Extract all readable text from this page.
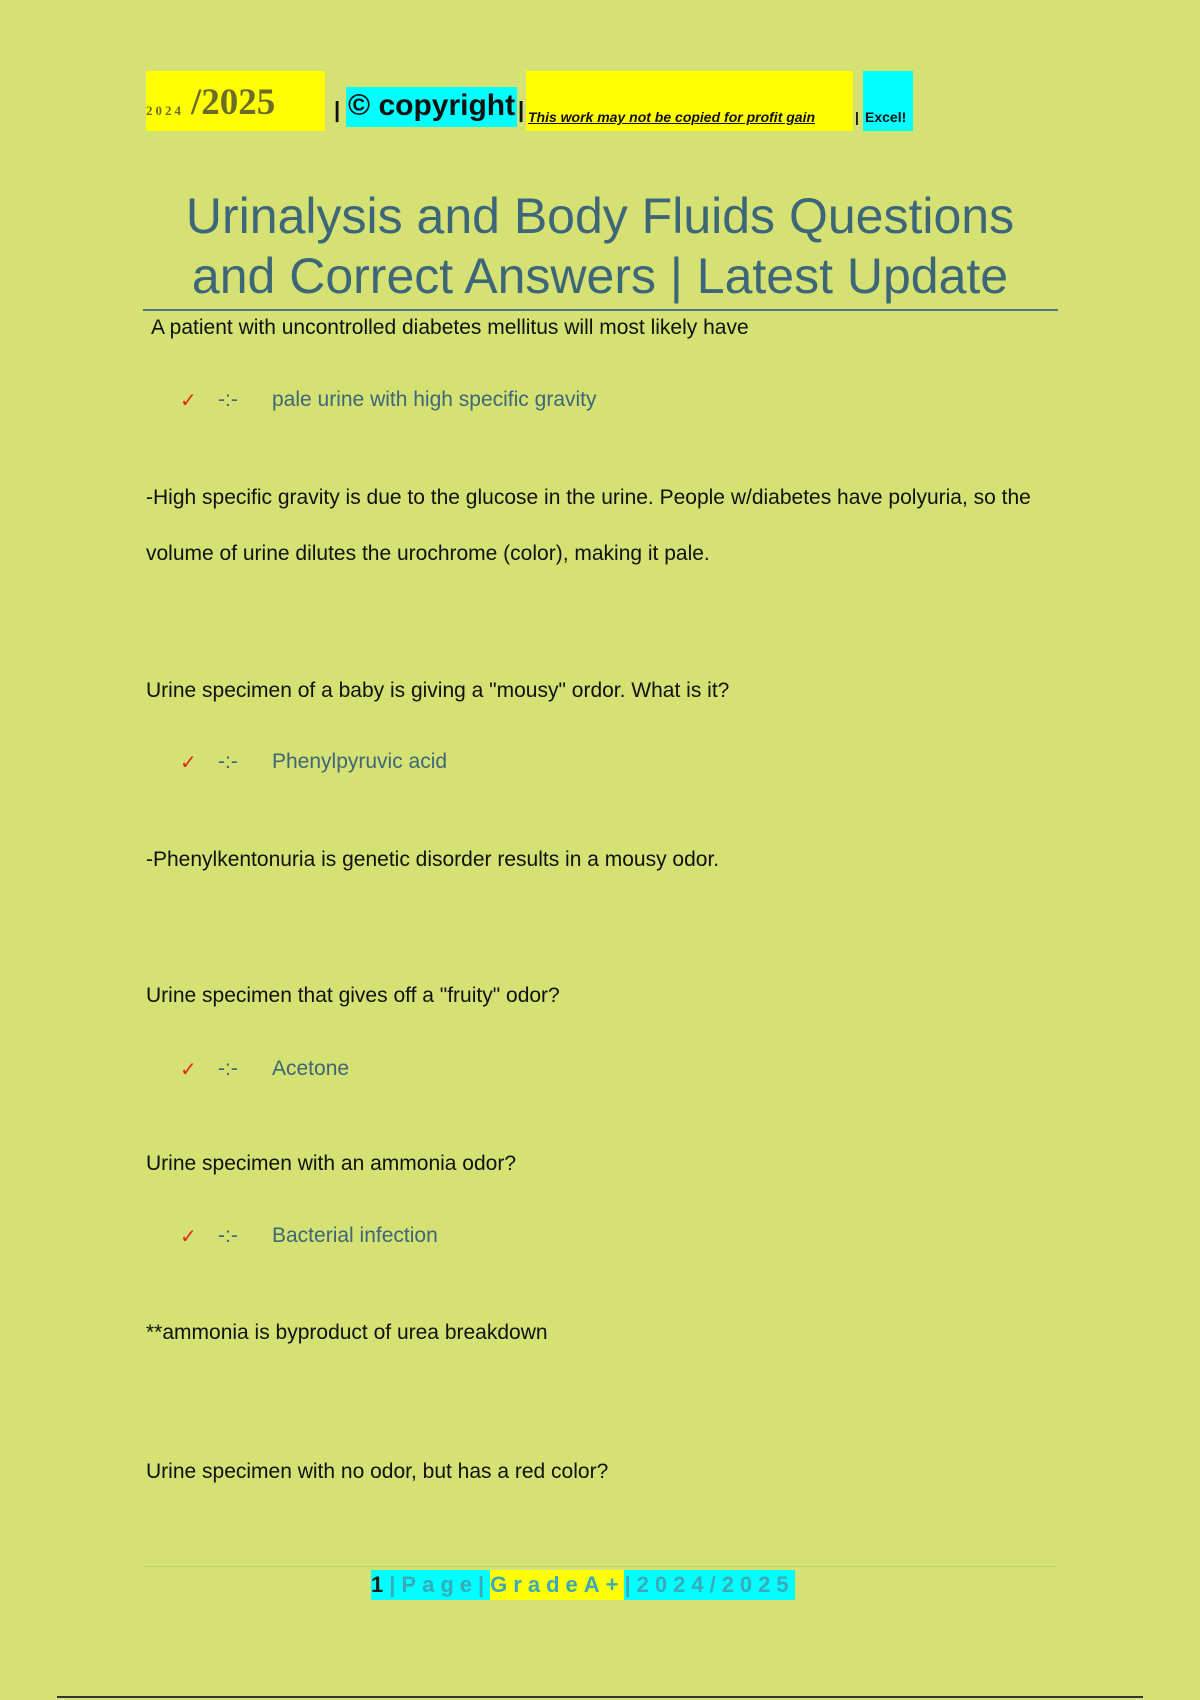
2024 /2025	| © copyright | This work may not be copied for profit gain	| Excel!
Urinalysis and Body Fluids Questions and Correct Answers | Latest Update
A patient with uncontrolled diabetes mellitus will most likely have
✓ -:- pale urine with high specific gravity
-High specific gravity is due to the glucose in the urine. People w/diabetes have polyuria, so the volume of urine dilutes the urochrome (color), making it pale.
Urine specimen of a baby is giving a "mousy" ordor. What is it?
✓ -:- Phenylpyruvic acid
-Phenylkentonuria is genetic disorder results in a mousy odor.
Urine specimen that gives off a "fruity" odor?
✓ -:- Acetone
Urine specimen with an ammonia odor?
✓ -:- Bacterial infection
**ammonia is byproduct of urea breakdown
Urine specimen with no odor, but has a red color?
1|Page|GradeA+|2024/2025
